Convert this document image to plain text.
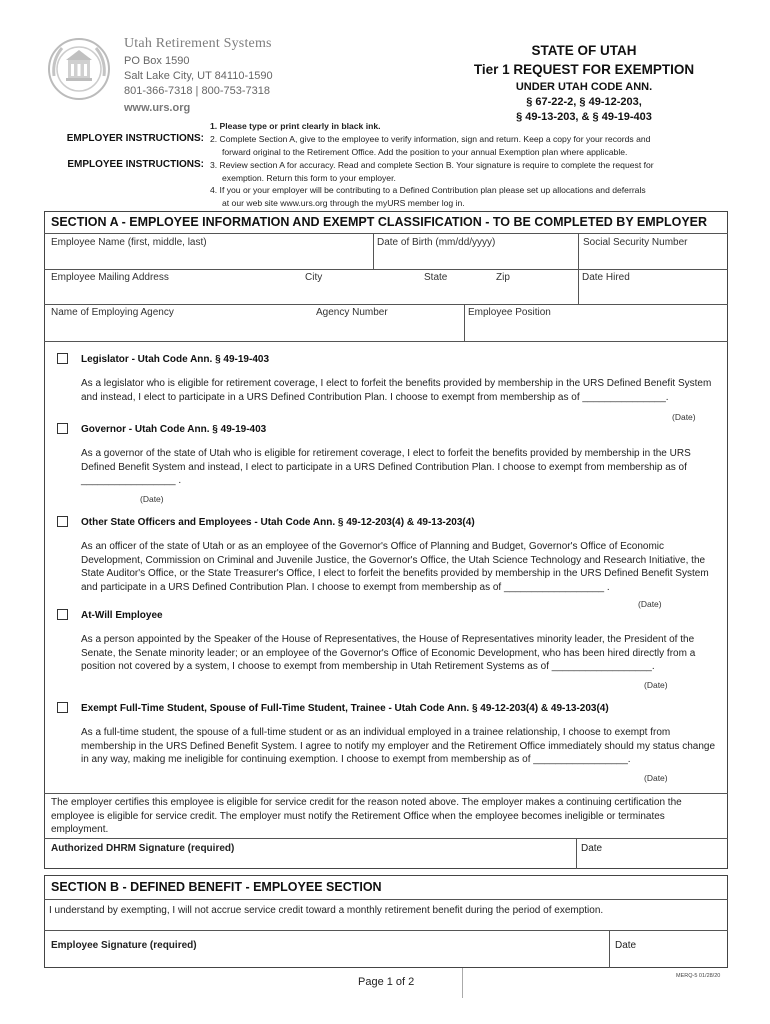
Utah Retirement Systems
PO Box 1590
Salt Lake City, UT 84110-1590
801-366-7318 | 800-753-7318
www.urs.org
STATE OF UTAH
Tier 1 REQUEST FOR EXEMPTION
UNDER UTAH CODE ANN.
§ 67-22-2, § 49-12-203,
§ 49-13-203, & § 49-19-403
1. Please type or print clearly in black ink.
EMPLOYER INSTRUCTIONS: 2. Complete Section A, give to the employee to verify information, sign and return. Keep a copy for your records and
forward original to the Retirement Office. Add the position to your annual Exemption plan where applicable.
EMPLOYEE INSTRUCTIONS: 3. Review section A for accuracy. Read and complete Section B. Your signature is require to complete the request for
exemption. Return this form to your employer.
4. If you or your employer will be contributing to a Defined Contribution plan please set up allocations and deferrals
at our web site www.urs.org through the myURS member log in.
SECTION A - EMPLOYEE INFORMATION AND EXEMPT CLASSIFICATION - TO BE COMPLETED BY EMPLOYER
Employee Name (first, middle, last)	Date of Birth (mm/dd/yyyy)	Social Security Number
Employee Mailing Address	City	State	Zip	Date Hired
Name of Employing Agency	Agency Number	Employee Position
Legislator - Utah Code Ann. § 49-19-403
As a legislator who is eligible for retirement coverage, I elect to forfeit the benefits provided by membership in the URS Defined Benefit System and instead, I elect to participate in a URS Defined Contribution Plan. I choose to exempt from membership as of _______________.
(Date)
Governor - Utah Code Ann. § 49-19-403
As a governor of the state of Utah who is eligible for retirement coverage, I elect to forfeit the benefits provided by membership in the URS Defined Benefit System and instead, I elect to participate in a URS Defined Contribution Plan. I choose to exempt from membership as of _________________ .
(Date)
Other State Officers and Employees - Utah Code Ann. § 49-12-203(4) & 49-13-203(4)
As an officer of the state of Utah or as an employee of the Governor's Office of Planning and Budget, Governor's Office of Economic Development, Commission on Criminal and Juvenile Justice, the Governor's Office, the Utah Science Technology and Research Initiative, the State Auditor's Office, or the State Treasurer's Office, I elect to forfeit the benefits provided by membership in the URS Defined Benefit System and participate in a URS Defined Contribution Plan. I choose to exempt from membership as of __________________ .
(Date)
At-Will Employee
As a person appointed by the Speaker of the House of Representatives, the House of Representatives minority leader, the President of the Senate, the Senate minority leader; or an employee of the Governor's Office of Economic Development, who has been hired directly from a position not covered by a system, I choose to exempt from membership in Utah Retirement Systems as of __________________.
(Date)
Exempt Full-Time Student, Spouse of Full-Time Student, Trainee - Utah Code Ann. § 49-12-203(4) & 49-13-203(4)
As a full-time student, the spouse of a full-time student or as an individual employed in a trainee relationship, I choose to exempt from membership in the URS Defined Benefit System. I agree to notify my employer and the Retirement Office immediately should my status change in any way, making me ineligible for continuing exemption. I choose to exempt from membership as of _________________.
(Date)
The employer certifies this employee is eligible for service credit for the reason noted above. The employer makes a continuing certification the employee is eligible for service credit. The employer must notify the Retirement Office when the employee becomes ineligible or terminates employment.
Authorized DHRM Signature (required)	Date
SECTION B - DEFINED BENEFIT - EMPLOYEE SECTION
I understand by exempting, I will not accrue service credit toward a monthly retirement benefit during the period of exemption.
Employee Signature (required)	Date
Page 1 of 2	MERQ-5 01/28/20
